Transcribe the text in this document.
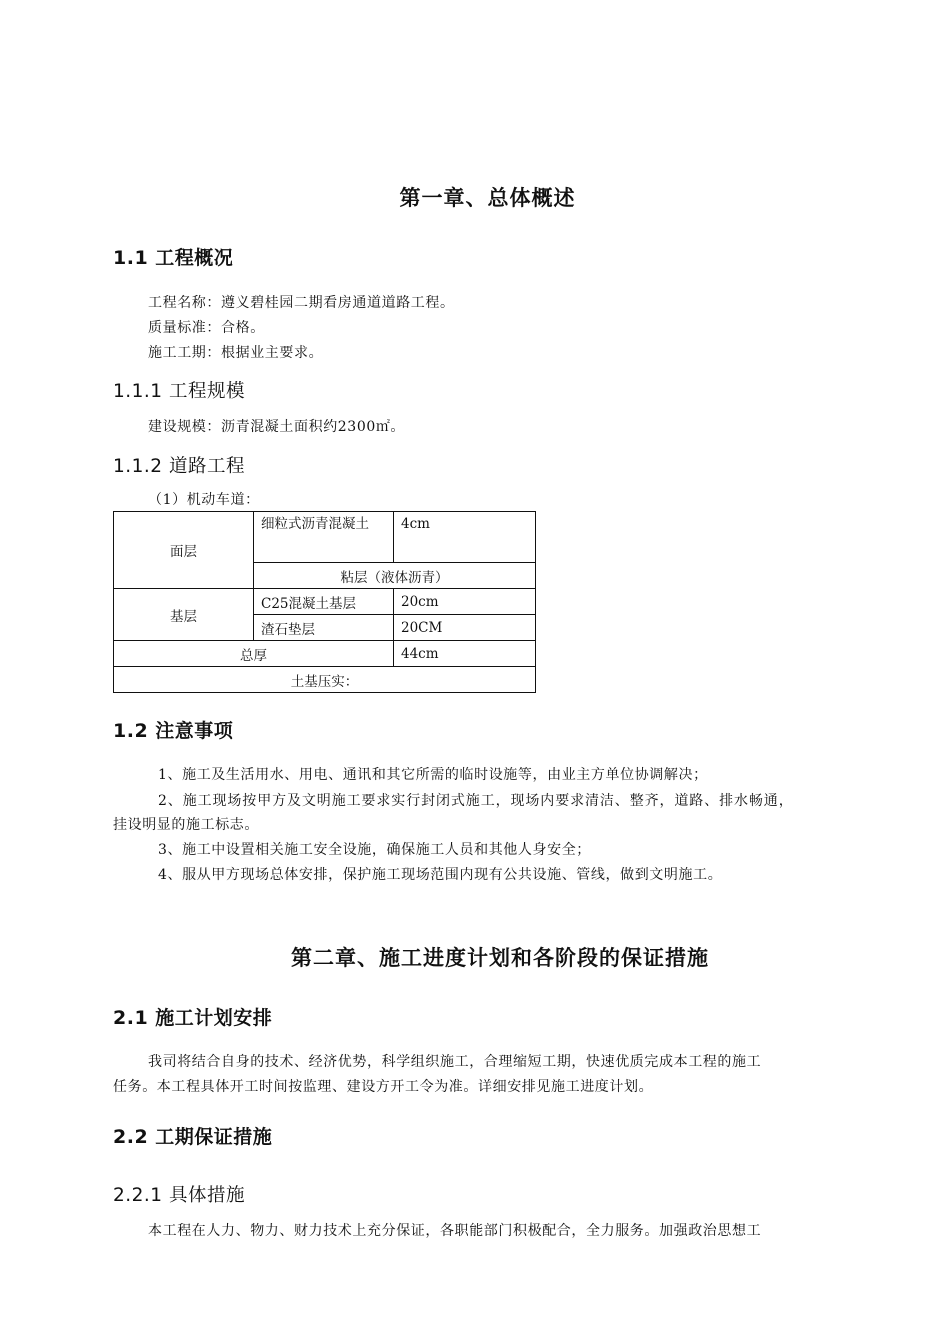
第一章、总体概述
1.1 工程概况
工程名称：遵义碧桂园二期看房通道道路工程。
质量标准：合格。
施工工期：根据业主要求。
1.1.1 工程规模
建设规模：沥青混凝土面积约2300㎡。
1.1.2 道路工程
（1）机动车道：
面层	细粒式沥青混凝土	4cm
	粘层（液体沥青）	
基层	C25混凝土基层	20cm
	渣石垫层	20CM
总厚		44cm
土基压实：		
1.2 注意事项
1、施工及生活用水、用电、通讯和其它所需的临时设施等，由业主方单位协调解决；
2、施工现场按甲方及文明施工要求实行封闭式施工，现场内要求清洁、整齐，道路、排水畅通，
挂设明显的施工标志。
3、施工中设置相关施工安全设施，确保施工人员和其他人身安全；
4、服从甲方现场总体安排，保护施工现场范围内现有公共设施、管线，做到文明施工。
第二章、施工进度计划和各阶段的保证措施
2.1 施工计划安排
我司将结合自身的技术、经济优势，科学组织施工，合理缩短工期，快速优质完成本工程的施工
任务。本工程具体开工时间按监理、建设方开工令为准。详细安排见施工进度计划。
2.2 工期保证措施
2.2.1 具体措施
本工程在人力、物力、财力技术上充分保证，各职能部门积极配合，全力服务。加强政治思想工
